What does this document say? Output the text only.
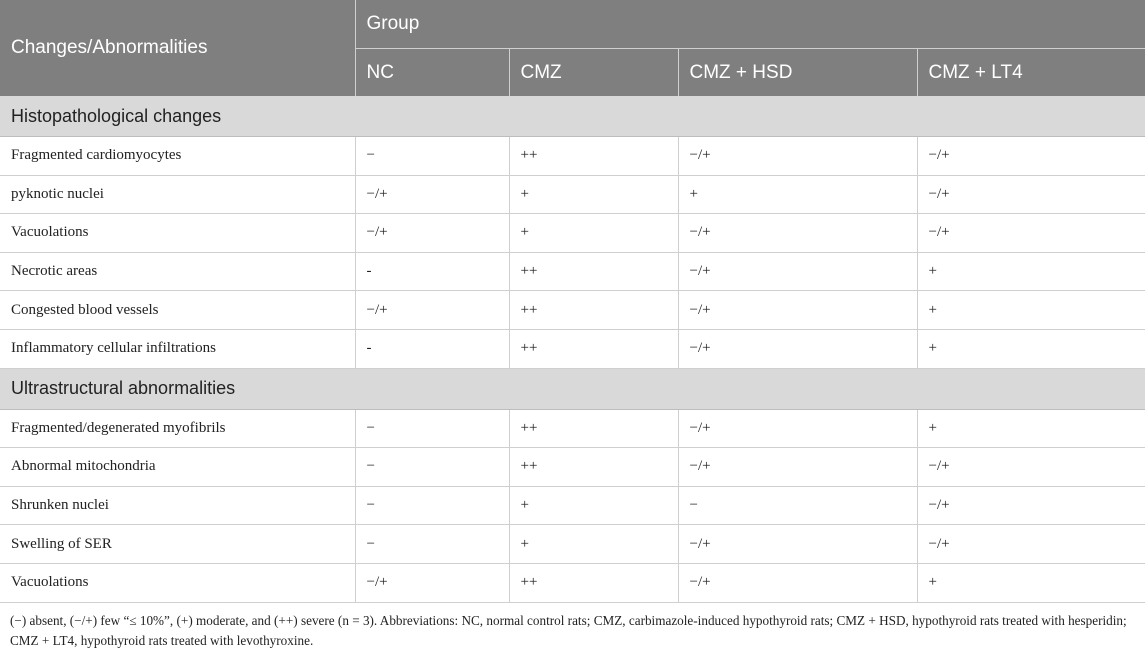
Changes/Abnormalities	Group			
	NC	CMZ	CMZ + HSD	CMZ + LT4
Histopathological changes				
Fragmented cardiomyocytes	−	++	−/+	−/+
pyknotic nuclei	−/+	+	+	−/+
Vacuolations	−/+	+	−/+	−/+
Necrotic areas	-	++	−/+	+
Congested blood vessels	−/+	++	−/+	+
Inflammatory cellular infiltrations	-	++	−/+	+
Ultrastructural abnormalities				
Fragmented/degenerated myofibrils	−	++	−/+	+
Abnormal mitochondria	−	++	−/+	−/+
Shrunken nuclei	−	+	−	−/+
Swelling of SER	−	+	−/+	−/+
Vacuolations	−/+	++	−/+	+
(−) absent, (−/+) few “≤ 10%”, (+) moderate, and (++) severe (n = 3). Abbreviations: NC, normal control rats; CMZ, carbimazole-induced hypothyroid rats; CMZ + HSD, hypothyroid rats treated with hesperidin; CMZ + LT4, hypothyroid rats treated with levothyroxine.
